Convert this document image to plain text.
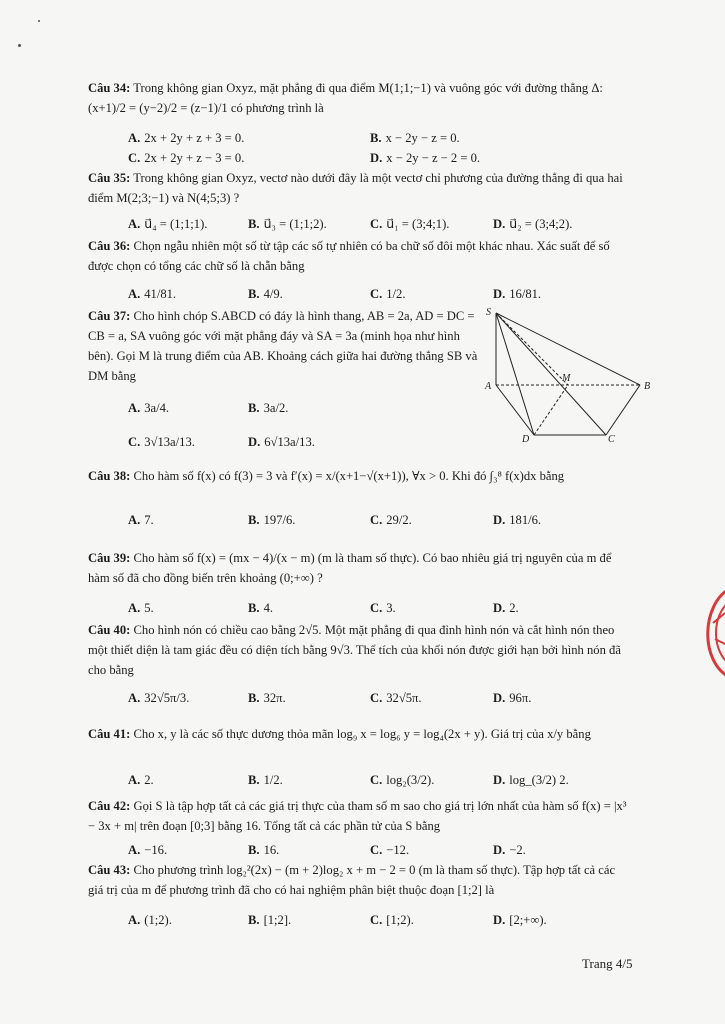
Câu 34: Trong không gian Oxyz, mặt phẳng đi qua điểm M(1;1;−1) và vuông góc với đường thẳng Δ: (x+1)/2 = (y−2)/2 = (z−1)/1 có phương trình là
A. 2x + 2y + z + 3 = 0.	B. x − 2y − z = 0.
C. 2x + 2y + z − 3 = 0.	D. x − 2y − z − 2 = 0.
Câu 35: Trong không gian Oxyz, vectơ nào dưới đây là một vectơ chỉ phương của đường thẳng đi qua hai điểm M(2;3;−1) và N(4;5;3) ?
A. u⃗₄ = (1;1;1).	B. u⃗₃ = (1;1;2).	C. u⃗₁ = (3;4;1).	D. u⃗₂ = (3;4;2).
Câu 36: Chọn ngẫu nhiên một số từ tập các số tự nhiên có ba chữ số đôi một khác nhau. Xác suất để số được chọn có tổng các chữ số là chẵn bằng
A. 41/81.	B. 4/9.	C. 1/2.	D. 16/81.
Câu 37: Cho hình chóp S.ABCD có đáy là hình thang, AB = 2a, AD = DC = CB = a, SA vuông góc với mặt phẳng đáy và SA = 3a (minh họa như hình bên). Gọi M là trung điểm của AB. Khoảng cách giữa hai đường thẳng SB và DM bằng
A. 3a/4.	B. 3a/2.
C. 3√13a/13.	D. 6√13a/13.
S
A
M
B
D	C
Câu 38: Cho hàm số f(x) có f(3) = 3 và f′(x) = x/(x+1−√(x+1)), ∀x > 0. Khi đó ∫₃⁸ f(x)dx bằng
A. 7.	B. 197/6.	C. 29/2.	D. 181/6.
Câu 39: Cho hàm số f(x) = (mx − 4)/(x − m) (m là tham số thực). Có bao nhiêu giá trị nguyên của m để hàm số đã cho đồng biến trên khoảng (0;+∞) ?
A. 5.	B. 4.	C. 3.	D. 2.
Câu 40: Cho hình nón có chiều cao bằng 2√5. Một mặt phẳng đi qua đỉnh hình nón và cắt hình nón theo một thiết diện là tam giác đều có diện tích bằng 9√3. Thể tích của khối nón được giới hạn bởi hình nón đã cho bằng
A. 32√5π/3.	B. 32π.	C. 32√5π.	D. 96π.
Câu 41: Cho x, y là các số thực dương thỏa mãn log₉ x = log₆ y = log₄(2x + y). Giá trị của x/y bằng
A. 2.	B. 1/2.	C. log₂(3/2).	D. log_(3/2) 2.
Câu 42: Gọi S là tập hợp tất cả các giá trị thực của tham số m sao cho giá trị lớn nhất của hàm số f(x) = |x³ − 3x + m| trên đoạn [0;3] bằng 16. Tổng tất cả các phần tử của S bằng
A. −16.	B. 16.	C. −12.	D. −2.
Câu 43: Cho phương trình log₂²(2x) − (m + 2)log₂ x + m − 2 = 0 (m là tham số thực). Tập hợp tất cả các giá trị của m để phương trình đã cho có hai nghiệm phân biệt thuộc đoạn [1;2] là
A. (1;2).	B. [1;2].	C. [1;2).	D. [2;+∞).
Trang 4/5
